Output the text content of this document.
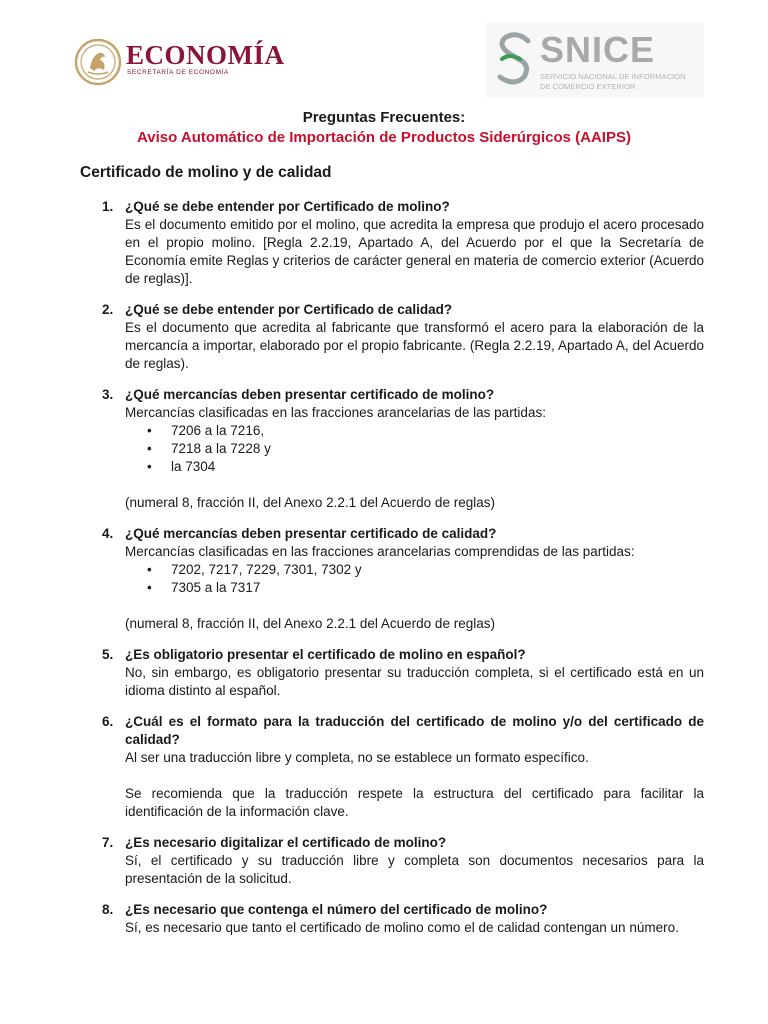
ECONOMÍA
SECRETARÍA DE ECONOMÍA
SNICE
SERVICIO NACIONAL DE INFORMACIÓN
DE COMERCIO EXTERIOR
Preguntas Frecuentes:
Aviso Automático de Importación de Productos Siderúrgicos (AAIPS)
Certificado de molino y de calidad
1. ¿Qué se debe entender por Certificado de molino?
Es el documento emitido por el molino, que acredita la empresa que produjo el acero procesado en el propio molino. [Regla 2.2.19, Apartado A, del Acuerdo por el que la Secretaría de Economía emite Reglas y criterios de carácter general en materia de comercio exterior (Acuerdo de reglas)].
2. ¿Qué se debe entender por Certificado de calidad?
Es el documento que acredita al fabricante que transformó el acero para la elaboración de la mercancía a importar, elaborado por el propio fabricante. (Regla 2.2.19, Apartado A, del Acuerdo de reglas).
3. ¿Qué mercancías deben presentar certificado de molino?
Mercancías clasificadas en las fracciones arancelarias de las partidas:
• 7206 a la 7216,
• 7218 a la 7228 y
• la 7304
(numeral 8, fracción II, del Anexo 2.2.1 del Acuerdo de reglas)
4. ¿Qué mercancías deben presentar certificado de calidad?
Mercancías clasificadas en las fracciones arancelarias comprendidas de las partidas:
• 7202, 7217, 7229, 7301, 7302 y
• 7305 a la 7317
(numeral 8, fracción II, del Anexo 2.2.1 del Acuerdo de reglas)
5. ¿Es obligatorio presentar el certificado de molino en español?
No, sin embargo, es obligatorio presentar su traducción completa, si el certificado está en un idioma distinto al español.
6. ¿Cuál es el formato para la traducción del certificado de molino y/o del certificado de calidad?
Al ser una traducción libre y completa, no se establece un formato específico.
Se recomienda que la traducción respete la estructura del certificado para facilitar la identificación de la información clave.
7. ¿Es necesario digitalizar el certificado de molino?
Sí, el certificado y su traducción libre y completa son documentos necesarios para la presentación de la solicitud.
8. ¿Es necesario que contenga el número del certificado de molino?
Sí, es necesario que tanto el certificado de molino como el de calidad contengan un número.
